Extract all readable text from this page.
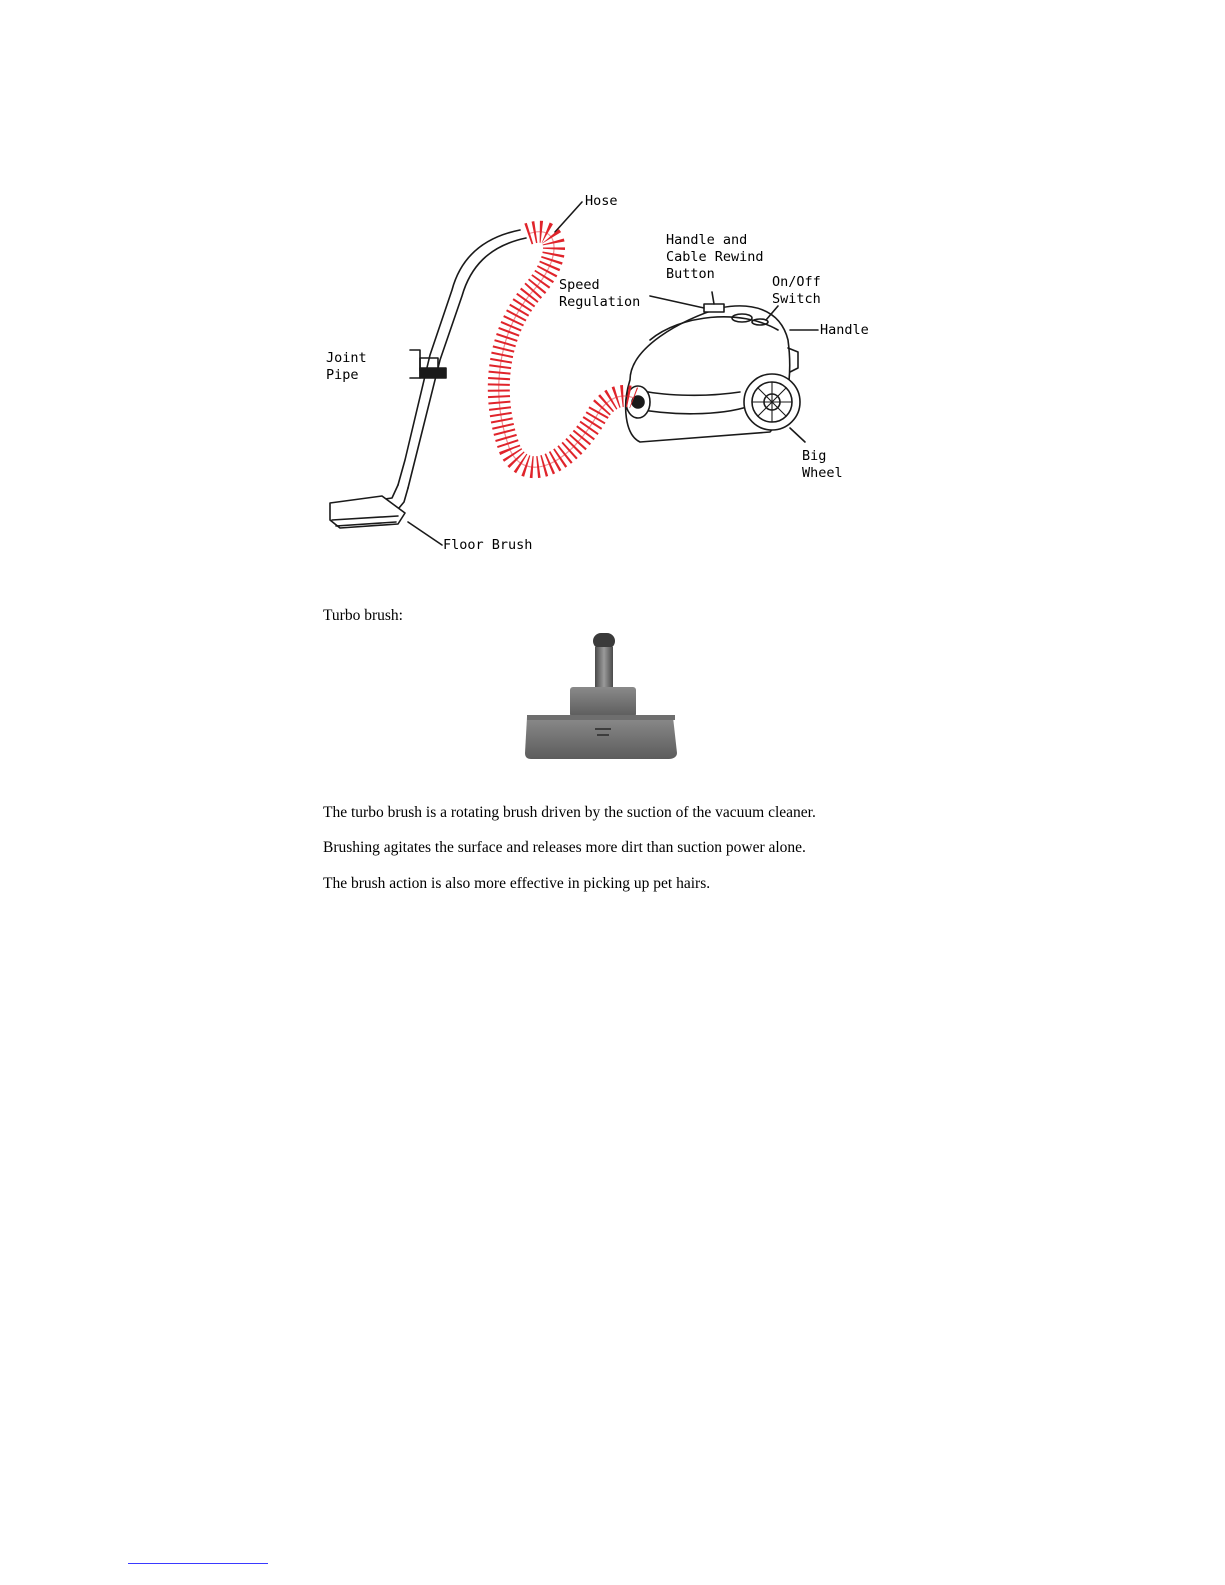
Hose
Handle and
Cable Rewind
Button
Speed
Regulation
On/Off
Switch
Handle
Joint
Pipe
Big
Wheel
Floor Brush
Turbo brush:
The turbo brush is a rotating brush driven by the suction of the vacuum cleaner.
Brushing agitates the surface and releases more dirt than suction power alone.
The brush action is also more effective in picking up pet hairs.
